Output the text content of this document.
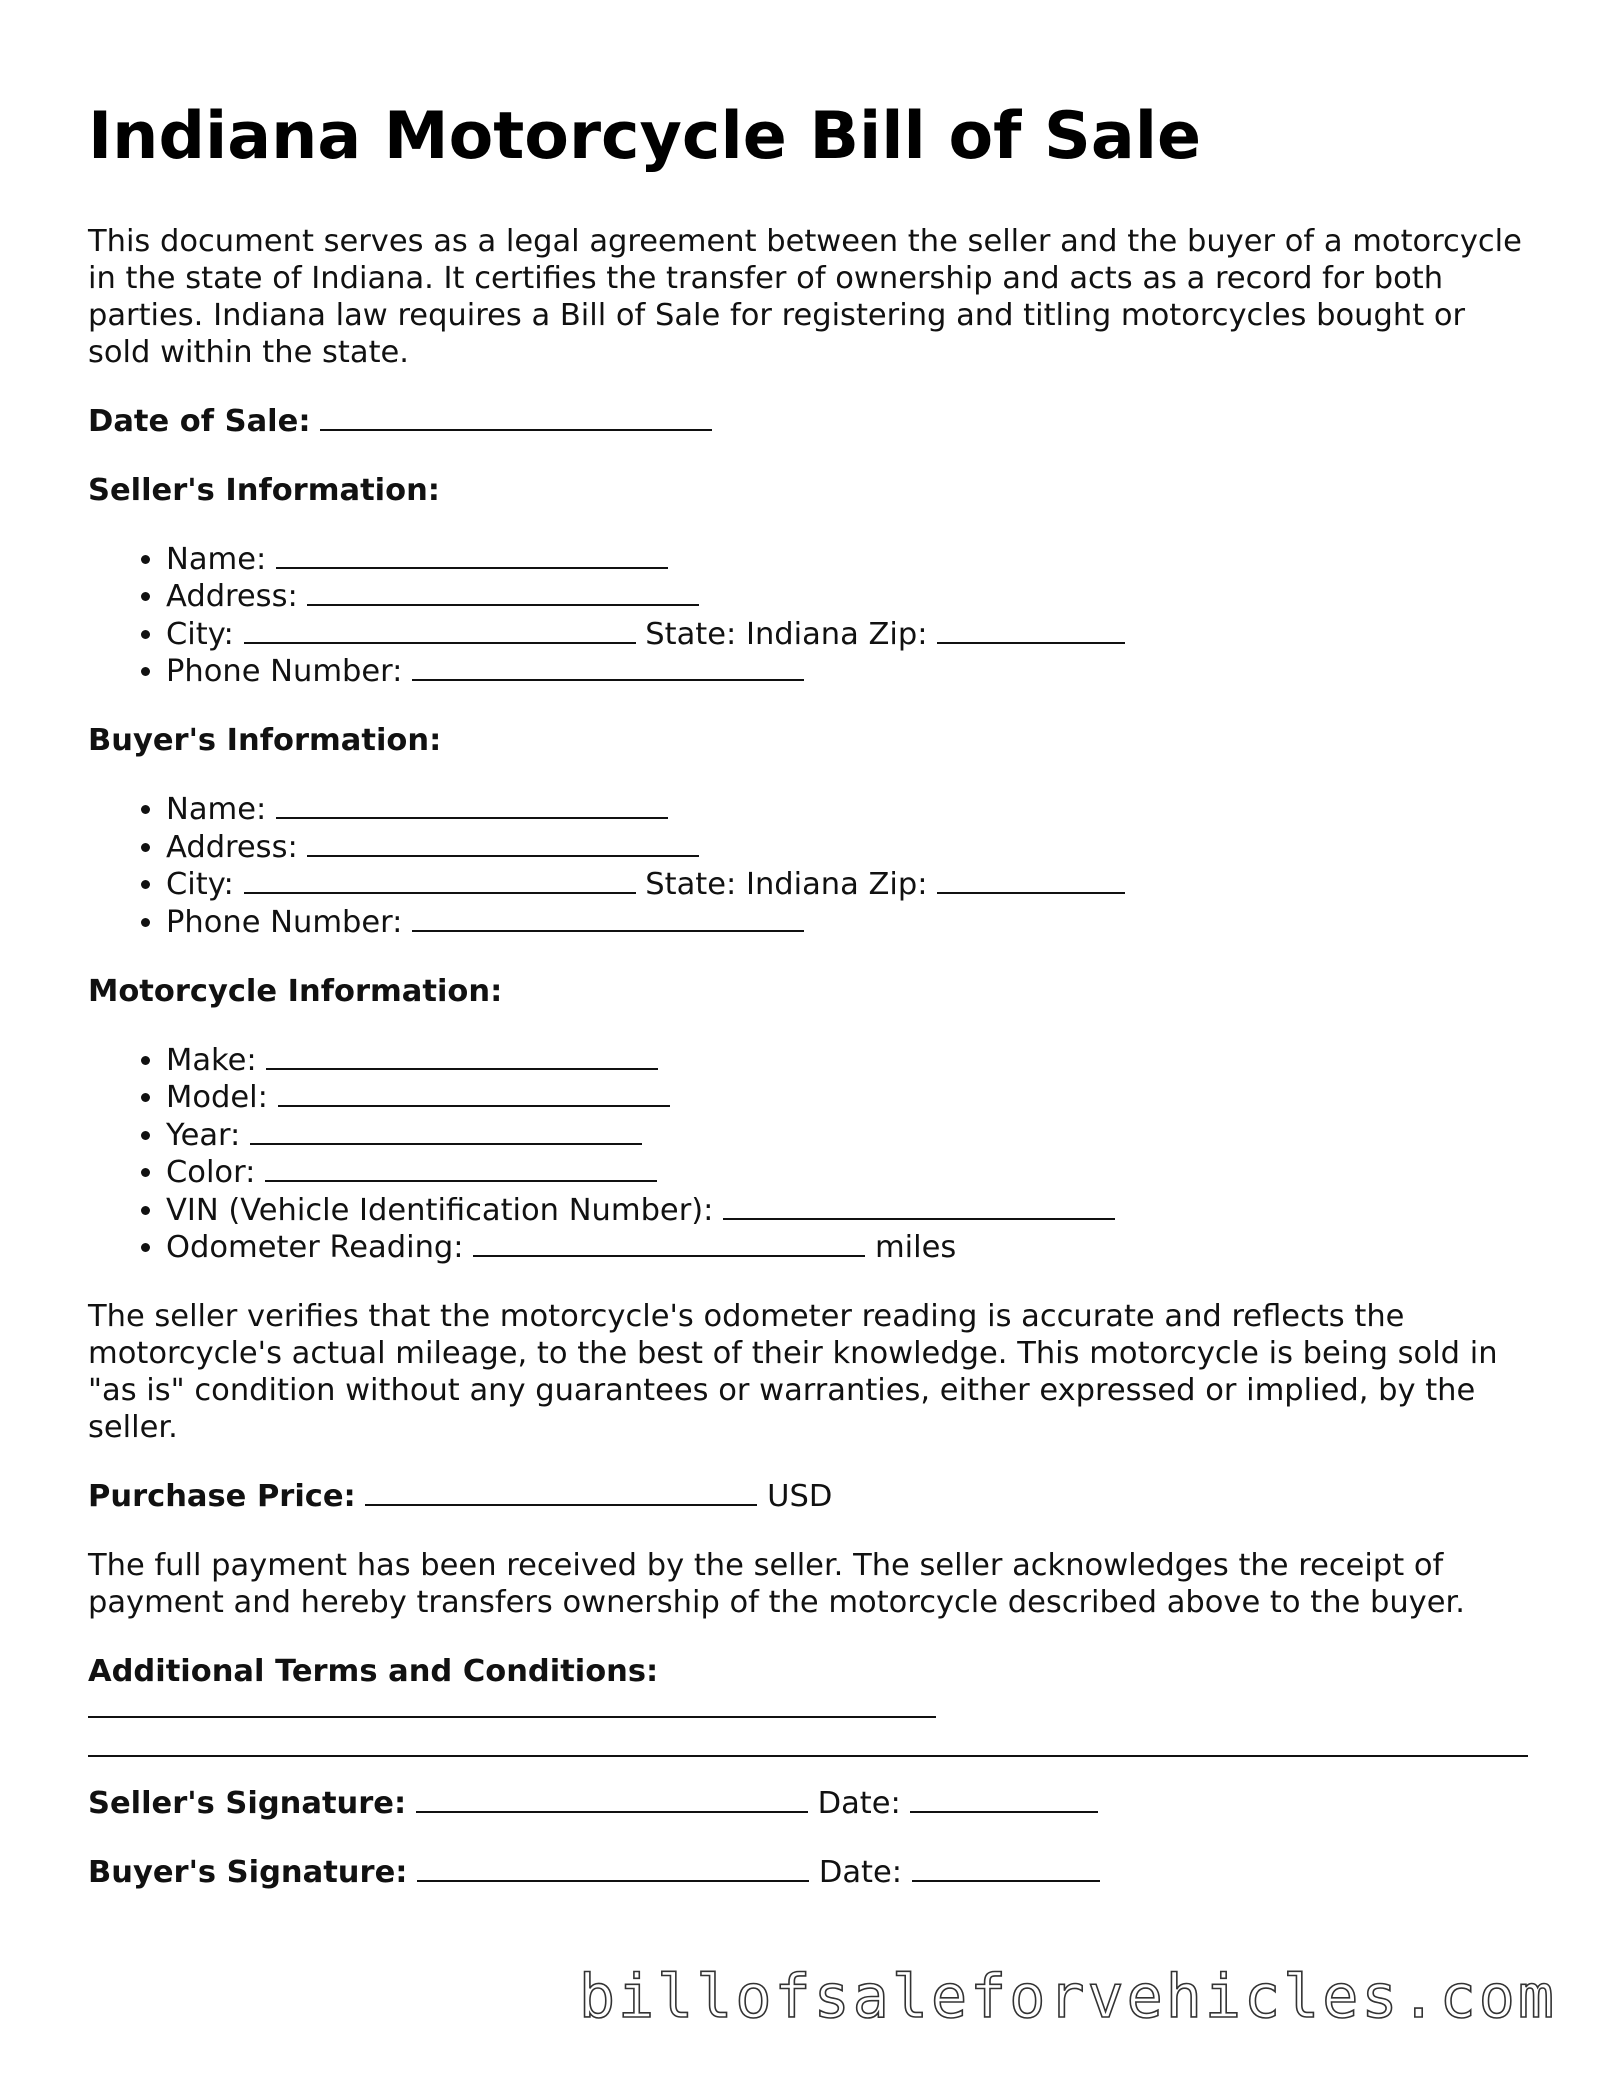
Indiana Motorcycle Bill of Sale

This document serves as a legal agreement between the seller and the buyer of a motorcycle in the state of Indiana. It certifies the transfer of ownership and acts as a record for both parties. Indiana law requires a Bill of Sale for registering and titling motorcycles bought or sold within the state.

Date of Sale:
Seller's Information:
• Name:
• Address:
• City:	State: Indiana Zip:
• Phone Number:
Buyer's Information:
• Name:
• Address:
• City:	State: Indiana Zip:
• Phone Number:
Motorcycle Information:
• Make:
• Model:
• Year:
• Color:
• VIN (Vehicle Identification Number):
• Odometer Reading:	miles

The seller verifies that the motorcycle's odometer reading is accurate and reflects the motorcycle's actual mileage, to the best of their knowledge. This motorcycle is being sold in "as is" condition without any guarantees or warranties, either expressed or implied, by the seller.

Purchase Price:	USD

The full payment has been received by the seller. The seller acknowledges the receipt of payment and hereby transfers ownership of the motorcycle described above to the buyer.

Additional Terms and Conditions:
Seller's Signature:	Date:
Buyer's Signature:	Date:
billofsaleforvehicles.com
